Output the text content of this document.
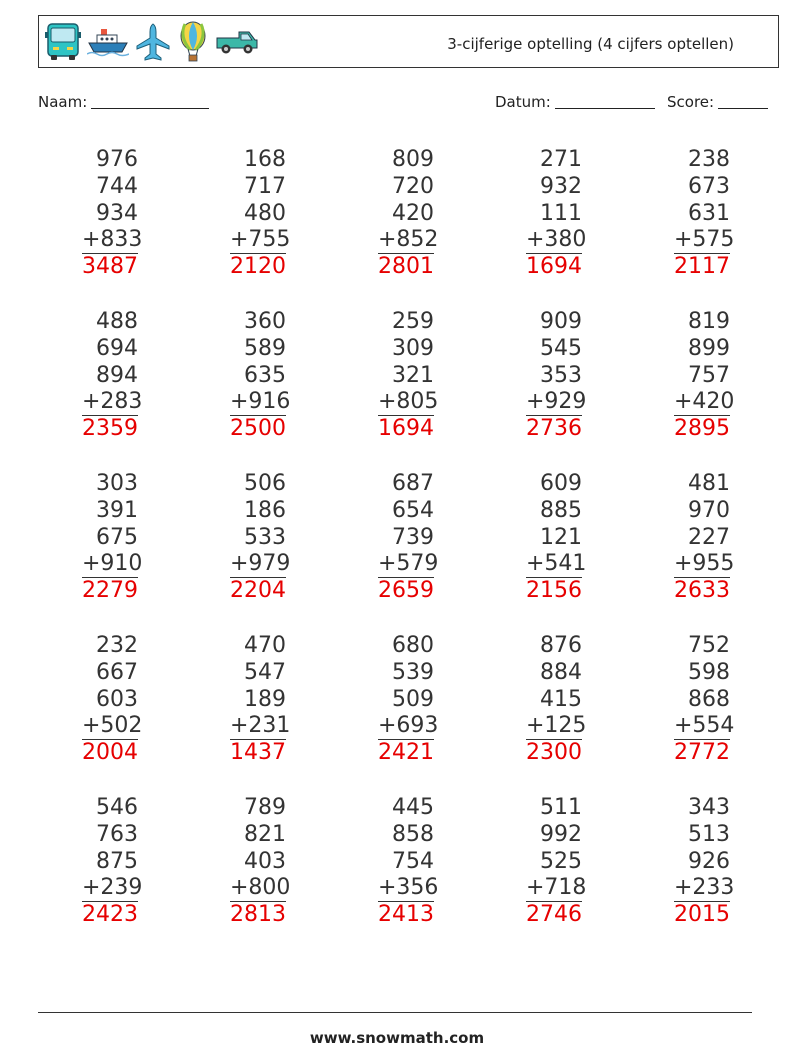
3-cijferige optelling (4 cijfers optellen)
Naam:	Datum:	Score:
976
744
934
+833
3487
168
717
480
+755
2120
809
720
420
+852
2801
271
932
111
+380
1694
238
673
631
+575
2117
488
694
894
+283
2359
360
589
635
+916
2500
259
309
321
+805
1694
909
545
353
+929
2736
819
899
757
+420
2895
303
391
675
+910
2279
506
186
533
+979
2204
687
654
739
+579
2659
609
885
121
+541
2156
481
970
227
+955
2633
232
667
603
+502
2004
470
547
189
+231
1437
680
539
509
+693
2421
876
884
415
+125
2300
752
598
868
+554
2772
546
763
875
+239
2423
789
821
403
+800
2813
445
858
754
+356
2413
511
992
525
+718
2746
343
513
926
+233
2015
www.snowmath.com
